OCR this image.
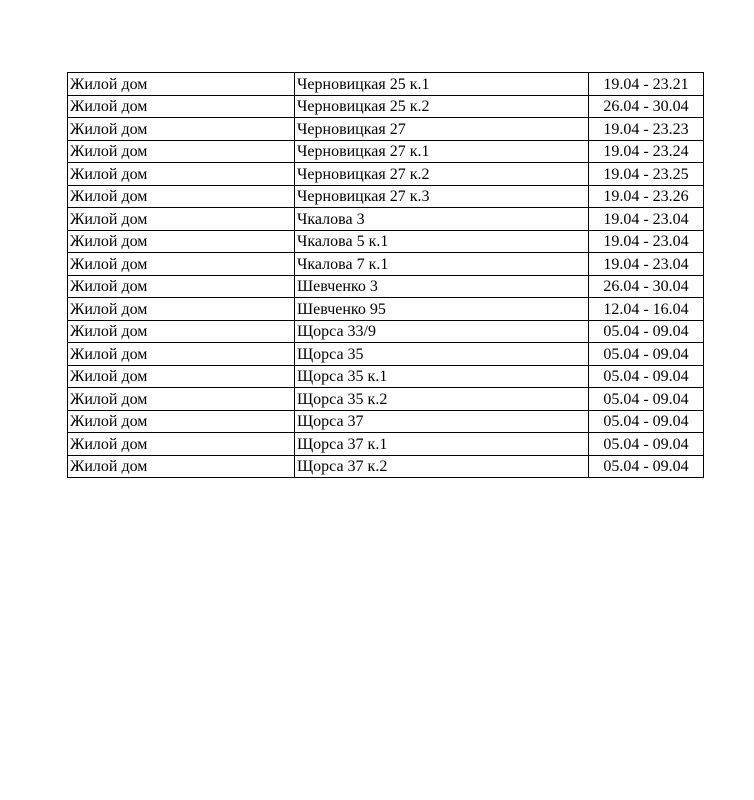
Жилой дом	Черновицкая 25 к.1	19.04 - 23.21
Жилой дом	Черновицкая 25 к.2	26.04 - 30.04
Жилой дом	Черновицкая 27	19.04 - 23.23
Жилой дом	Черновицкая 27 к.1	19.04 - 23.24
Жилой дом	Черновицкая 27 к.2	19.04 - 23.25
Жилой дом	Черновицкая 27 к.3	19.04 - 23.26
Жилой дом	Чкалова 3	19.04 - 23.04
Жилой дом	Чкалова 5 к.1	19.04 - 23.04
Жилой дом	Чкалова 7 к.1	19.04 - 23.04
Жилой дом	Шевченко 3	26.04 - 30.04
Жилой дом	Шевченко 95	12.04 - 16.04
Жилой дом	Щорса 33/9	05.04 - 09.04
Жилой дом	Щорса 35	05.04 - 09.04
Жилой дом	Щорса 35 к.1	05.04 - 09.04
Жилой дом	Щорса 35 к.2	05.04 - 09.04
Жилой дом	Щорса 37	05.04 - 09.04
Жилой дом	Щорса 37 к.1	05.04 - 09.04
Жилой дом	Щорса 37 к.2	05.04 - 09.04
